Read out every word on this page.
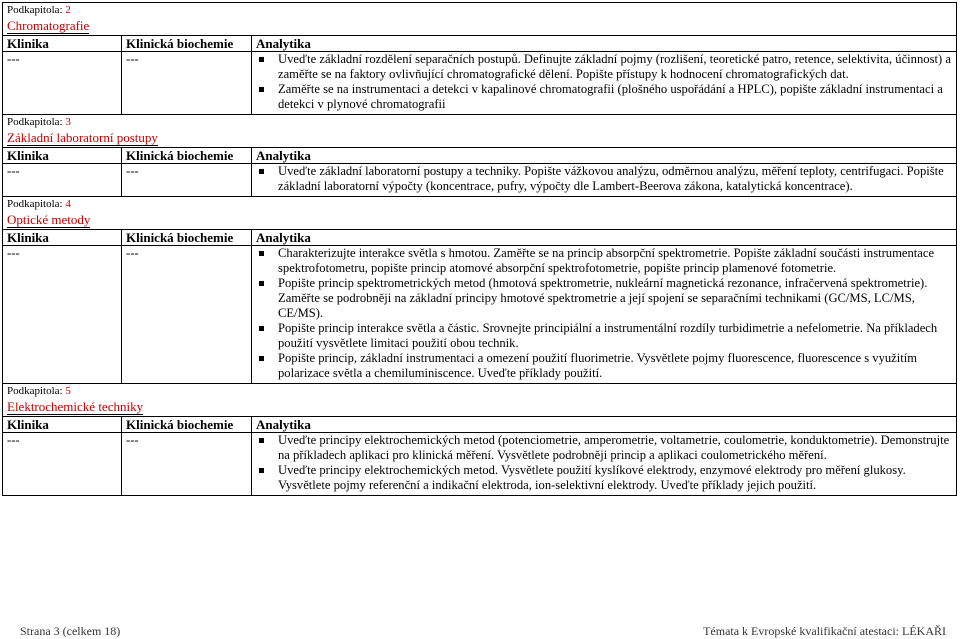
Podkapitola: 2
Chromatografie
Klinika	Klinická biochemie	Analytika
---	---	Uveďte základní rozdělení separačních postupů. Definujte základní pojmy (rozlišení, teoretické patro, retence, selektivita, účinnost) a zaměřte se na faktory ovlivňující chromatografické dělení. Popište přístupy k hodnocení chromatografických dat.
Zaměřte se na instrumentaci a detekci v kapalinové chromatografii (plošného uspořádání a HPLC), popište základní instrumentaci a detekci v plynové chromatografii
Podkapitola: 3
Základní laboratorní postupy
Klinika	Klinická biochemie	Analytika
---	---	Uveďte základní laboratorní postupy a techniky. Popište vážkovou analýzu, odměrnou analýzu, měření teploty, centrifugaci. Popište základní laboratorní výpočty (koncentrace, pufry, výpočty dle Lambert-Beerova zákona, katalytická koncentrace).
Podkapitola: 4
Optické metody
Klinika	Klinická biochemie	Analytika
---	---	Charakterizujte interakce světla s hmotou. Zaměřte se na princip absorpční spektrometrie. Popište základní součásti instrumentace spektrofotometru, popište princip atomové absorpční spektrofotometrie, popište princip plamenové fotometrie.
Popište princip spektrometrických metod (hmotová spektrometrie, nukleární magnetická rezonance, infračervená spektrometrie). Zaměřte se podrobněji na základní principy hmotové spektrometrie a její spojení se separačními technikami (GC/MS, LC/MS, CE/MS).
Popište princip interakce světla a částic. Srovnejte principiální a instrumentální rozdíly turbidimetrie a nefelometrie. Na příkladech použití vysvětlete limitaci použití obou technik.
Popište princip, základní instrumentaci a omezení použití fluorimetrie. Vysvětlete pojmy fluorescence, fluorescence s využitím polarizace světla a chemiluminiscence. Uveďte příklady použití.
Podkapitola: 5
Elektrochemické techniky
Klinika	Klinická biochemie	Analytika
---	---	Uveďte principy elektrochemických metod (potenciometrie, amperometrie, voltametrie, coulometrie, konduktometrie). Demonstrujte na příkladech aplikaci pro klinická měření. Vysvětlete podrobněji princip a aplikaci coulometrického měření.
Uveďte principy elektrochemických metod. Vysvětlete použití kyslíkové elektrody, enzymové elektrody pro měření glukosy. Vysvětlete pojmy referenční a indikační elektroda, ion-selektivní elektrody. Uveďte příklady jejich použití.
Strana 3 (celkem 18)	Témata k Evropské kvalifikační atestaci: LÉKAŘI
